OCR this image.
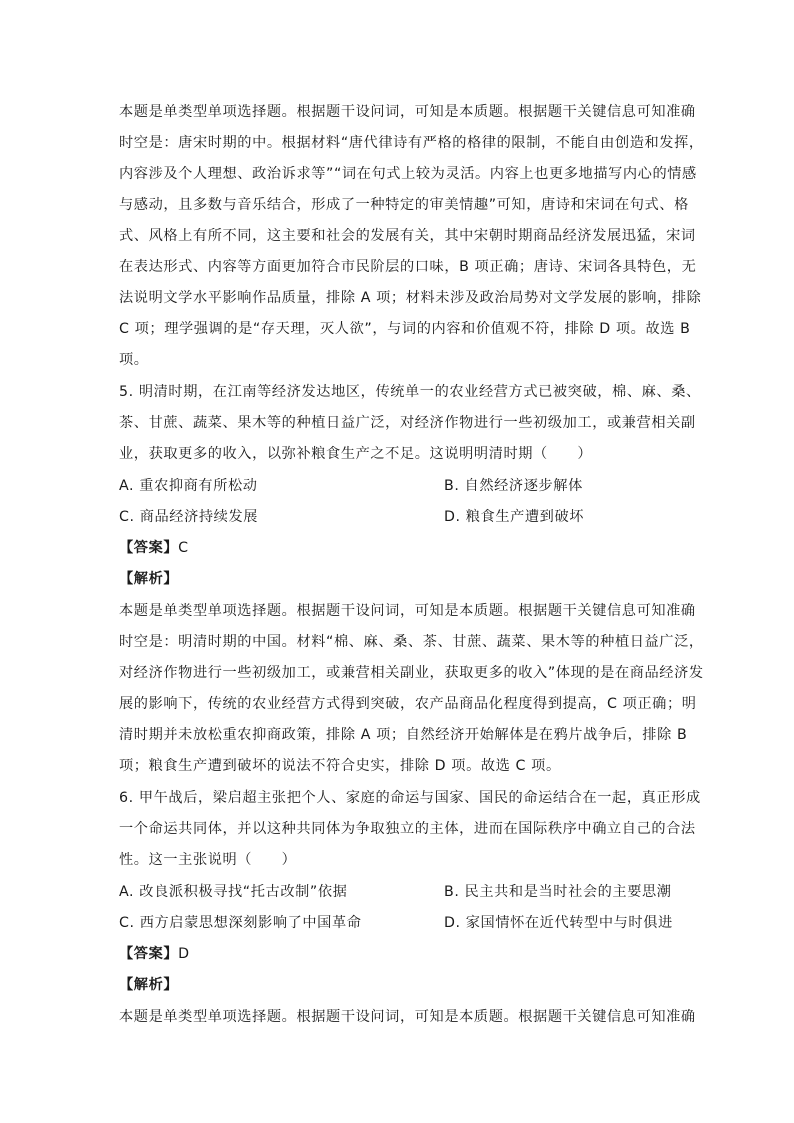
本题是单类型单项选择题。根据题干设问词，可知是本质题。根据题干关键信息可知准确
时空是：唐宋时期的中。根据材料“唐代律诗有严格的格律的限制，不能自由创造和发挥，
内容涉及个人理想、政治诉求等”“词在句式上较为灵活。内容上也更多地描写内心的情感
与感动，且多数与音乐结合，形成了一种特定的审美情趣”可知，唐诗和宋词在句式、格
式、风格上有所不同，这主要和社会的发展有关，其中宋朝时期商品经济发展迅猛，宋词
在表达形式、内容等方面更加符合市民阶层的口味，B 项正确；唐诗、宋词各具特色，无
法说明文学水平影响作品质量，排除 A 项；材料未涉及政治局势对文学发展的影响，排除
C 项；理学强调的是“存天理，灭人欲”，与词的内容和价值观不符，排除 D 项。故选 B
项。
5. 明清时期，在江南等经济发达地区，传统单一的农业经营方式已被突破，棉、麻、桑、
茶、甘蔗、蔬菜、果木等的种植日益广泛，对经济作物进行一些初级加工，或兼营相关副
业，获取更多的收入，以弥补粮食生产之不足。这说明明清时期（　　）
A. 重农抑商有所松动	B. 自然经济逐步解体
C. 商品经济持续发展	D. 粮食生产遭到破坏
【答案】C
【解析】
本题是单类型单项选择题。根据题干设问词，可知是本质题。根据题干关键信息可知准确
时空是：明清时期的中国。材料“棉、麻、桑、茶、甘蔗、蔬菜、果木等的种植日益广泛，
对经济作物进行一些初级加工，或兼营相关副业，获取更多的收入”体现的是在商品经济发
展的影响下，传统的农业经营方式得到突破，农产品商品化程度得到提高，C 项正确；明
清时期并未放松重农抑商政策，排除 A 项；自然经济开始解体是在鸦片战争后，排除 B
项；粮食生产遭到破坏的说法不符合史实，排除 D 项。故选 C 项。
6. 甲午战后，梁启超主张把个人、家庭的命运与国家、国民的命运结合在一起，真正形成
一个命运共同体，并以这种共同体为争取独立的主体，进而在国际秩序中确立自己的合法
性。这一主张说明（　　）
A. 改良派积极寻找“托古改制”依据	B. 民主共和是当时社会的主要思潮
C. 西方启蒙思想深刻影响了中国革命	D. 家国情怀在近代转型中与时俱进
【答案】D
【解析】
本题是单类型单项选择题。根据题干设问词，可知是本质题。根据题干关键信息可知准确
